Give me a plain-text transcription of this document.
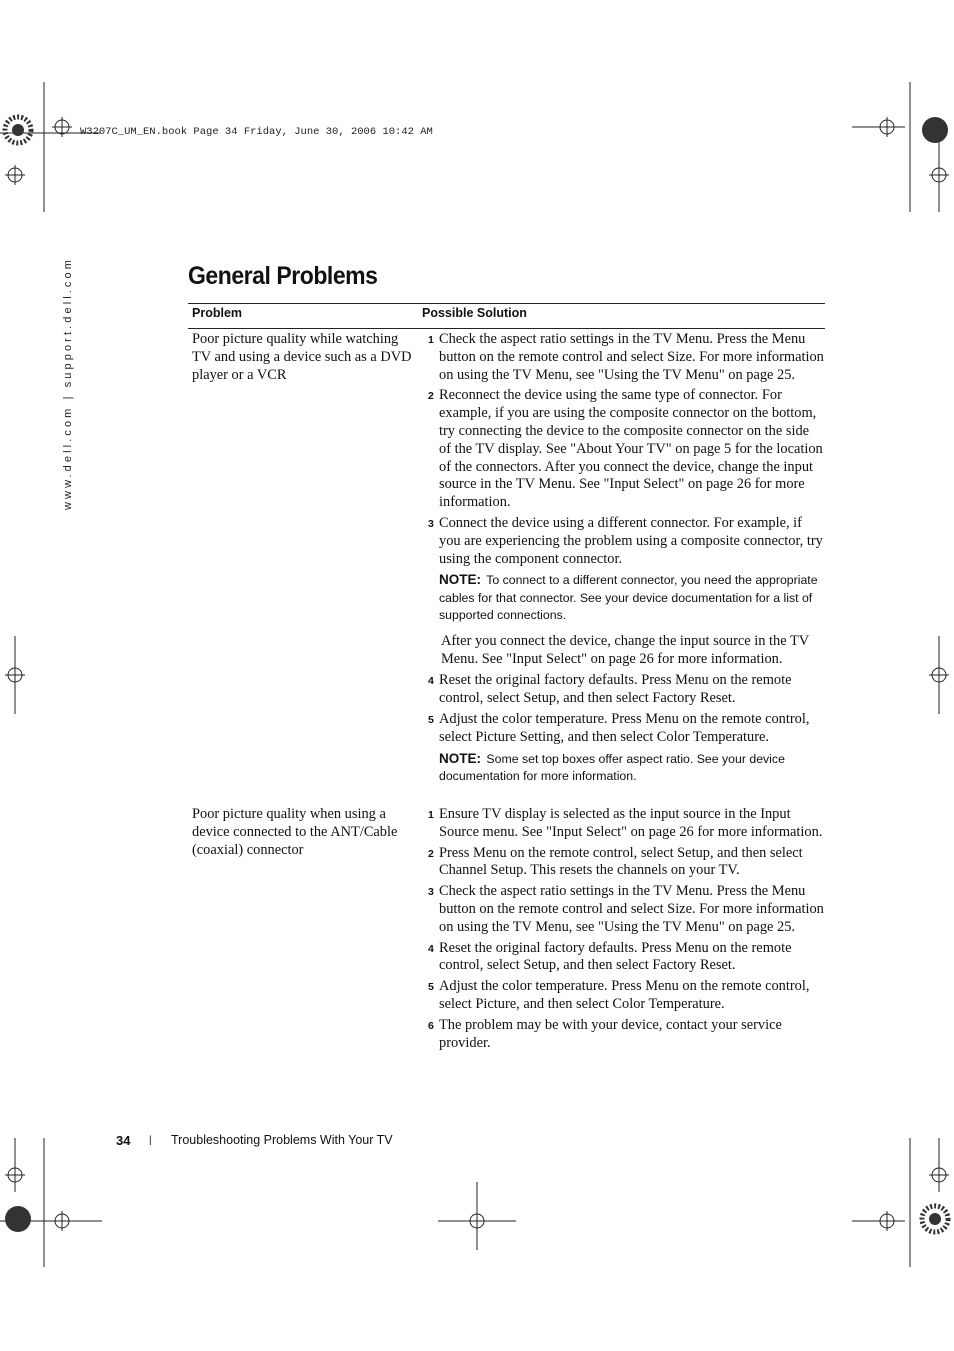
W3207C_UM_EN.book Page 34 Friday, June 30, 2006 10:42 AM
www.dell.com | support.dell.com	General Problems
Problem	Possible Solution
Poor picture quality while watching TV and using a device such as a DVD player or a VCR
1 Check the aspect ratio settings in the TV Menu. Press the Menu button on the remote control and select Size. For more information on using the TV Menu, see "Using the TV Menu" on page 25.
2 Reconnect the device using the same type of connector. For example, if you are using the composite connector on the bottom, try connecting the device to the composite connector on the side of the TV display. See "About Your TV" on page 5 for the location of the connectors. After you connect the device, change the input source in the TV Menu. See "Input Select" on page 26 for more information.
3 Connect the device using a different connector. For example, if you are experiencing the problem using a composite connector, try using the component connector.
NOTE: To connect to a different connector, you need the appropriate cables for that connector. See your device documentation for a list of supported connections.
After you connect the device, change the input source in the TV Menu. See "Input Select" on page 26 for more information.
4 Reset the original factory defaults. Press Menu on the remote control, select Setup, and then select Factory Reset.
5 Adjust the color temperature. Press Menu on the remote control, select Picture Setting, and then select Color Temperature.
NOTE: Some set top boxes offer aspect ratio. See your device documentation for more information.
Poor picture quality when using a device connected to the ANT/Cable (coaxial) connector
1 Ensure TV display is selected as the input source in the Input Source menu. See "Input Select" on page 26 for more information.
2 Press Menu on the remote control, select Setup, and then select Channel Setup. This resets the channels on your TV.
3 Check the aspect ratio settings in the TV Menu. Press the Menu button on the remote control and select Size. For more information on using the TV Menu, see "Using the TV Menu" on page 25.
4 Reset the original factory defaults. Press Menu on the remote control, select Setup, and then select Factory Reset.
5 Adjust the color temperature. Press Menu on the remote control, select Picture, and then select Color Temperature.
6 The problem may be with your device, contact your service provider.
34 | Troubleshooting Problems With Your TV
